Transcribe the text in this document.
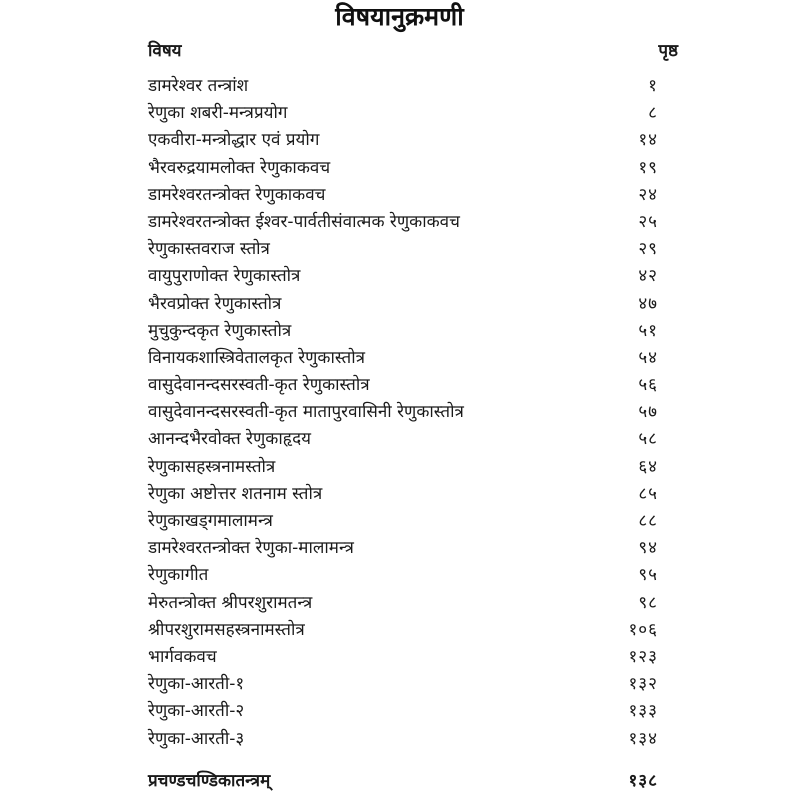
विषयानुक्रमणी
विषय	पृष्ठ
डामरेश्वर तन्त्रांश	१
रेणुका शबरी-मन्त्रप्रयोग	८
एकवीरा-मन्त्रोद्धार एवं प्रयोग	१४
भैरवरुद्रयामलोक्त रेणुकाकवच	१९
डामरेश्वरतन्त्रोक्त रेणुकाकवच	२४
डामरेश्वरतन्त्रोक्त ईश्वर-पार्वतीसंवात्मक रेणुकाकवच	२५
रेणुकास्तवराज स्तोत्र	२९
वायुपुराणोक्त रेणुकास्तोत्र	४२
भैरवप्रोक्त रेणुकास्तोत्र	४७
मुचुकुन्दकृत रेणुकास्तोत्र	५१
विनायकशास्त्रिवेतालकृत रेणुकास्तोत्र	५४
वासुदेवानन्दसरस्वती-कृत रेणुकास्तोत्र	५६
वासुदेवानन्दसरस्वती-कृत मातापुरवासिनी रेणुकास्तोत्र	५७
आनन्दभैरवोक्त रेणुकाहृदय	५८
रेणुकासहस्त्रनामस्तोत्र	६४
रेणुका अष्टोत्तर शतनाम स्तोत्र	८५
रेणुकाखड्गमालामन्त्र	८८
डामरेश्वरतन्त्रोक्त रेणुका-मालामन्त्र	९४
रेणुकागीत	९५
मेरुतन्त्रोक्त श्रीपरशुरामतन्त्र	९८
श्रीपरशुरामसहस्त्रनामस्तोत्र	१०६
भार्गवकवच	१२३
रेणुका-आरती-१	१३२
रेणुका-आरती-२	१३३
रेणुका-आरती-३	१३४
प्रचण्डचण्डिकातन्त्रम्	१३८
